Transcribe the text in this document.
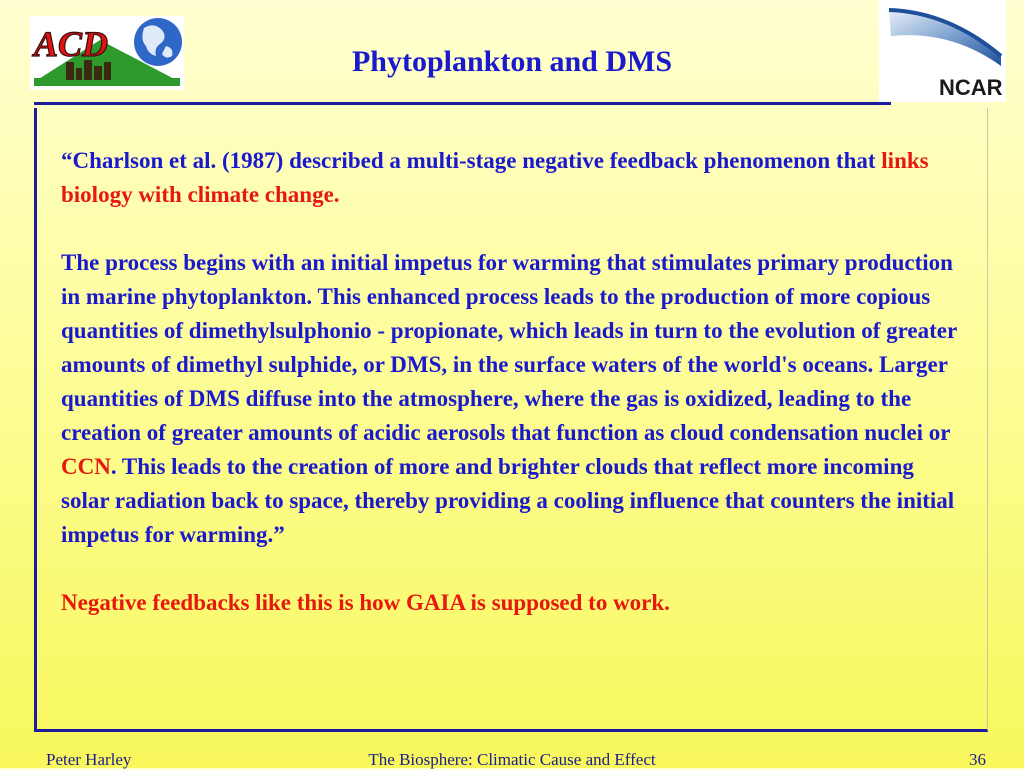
ACD
NCAR
Phytoplankton and DMS

“Charlson et al. (1987) described a multi-stage negative feedback phenomenon that links biology with climate change.

The process begins with an initial impetus for warming that stimulates primary production in marine phytoplankton. This enhanced process leads to the production of more copious quantities of dimethylsulphonio - propionate, which leads in turn to the evolution of greater amounts of dimethyl sulphide, or DMS, in the surface waters of the world's oceans. Larger quantities of DMS diffuse into the atmosphere, where the gas is oxidized, leading to the creation of greater amounts of acidic aerosols that function as cloud condensation nuclei or CCN. This leads to the creation of more and brighter clouds that reflect more incoming solar radiation back to space, thereby providing a cooling influence that counters the initial impetus for warming.”

Negative feedbacks like this is how GAIA is supposed to work.

Peter Harley	The Biosphere: Climatic Cause and Effect	36
